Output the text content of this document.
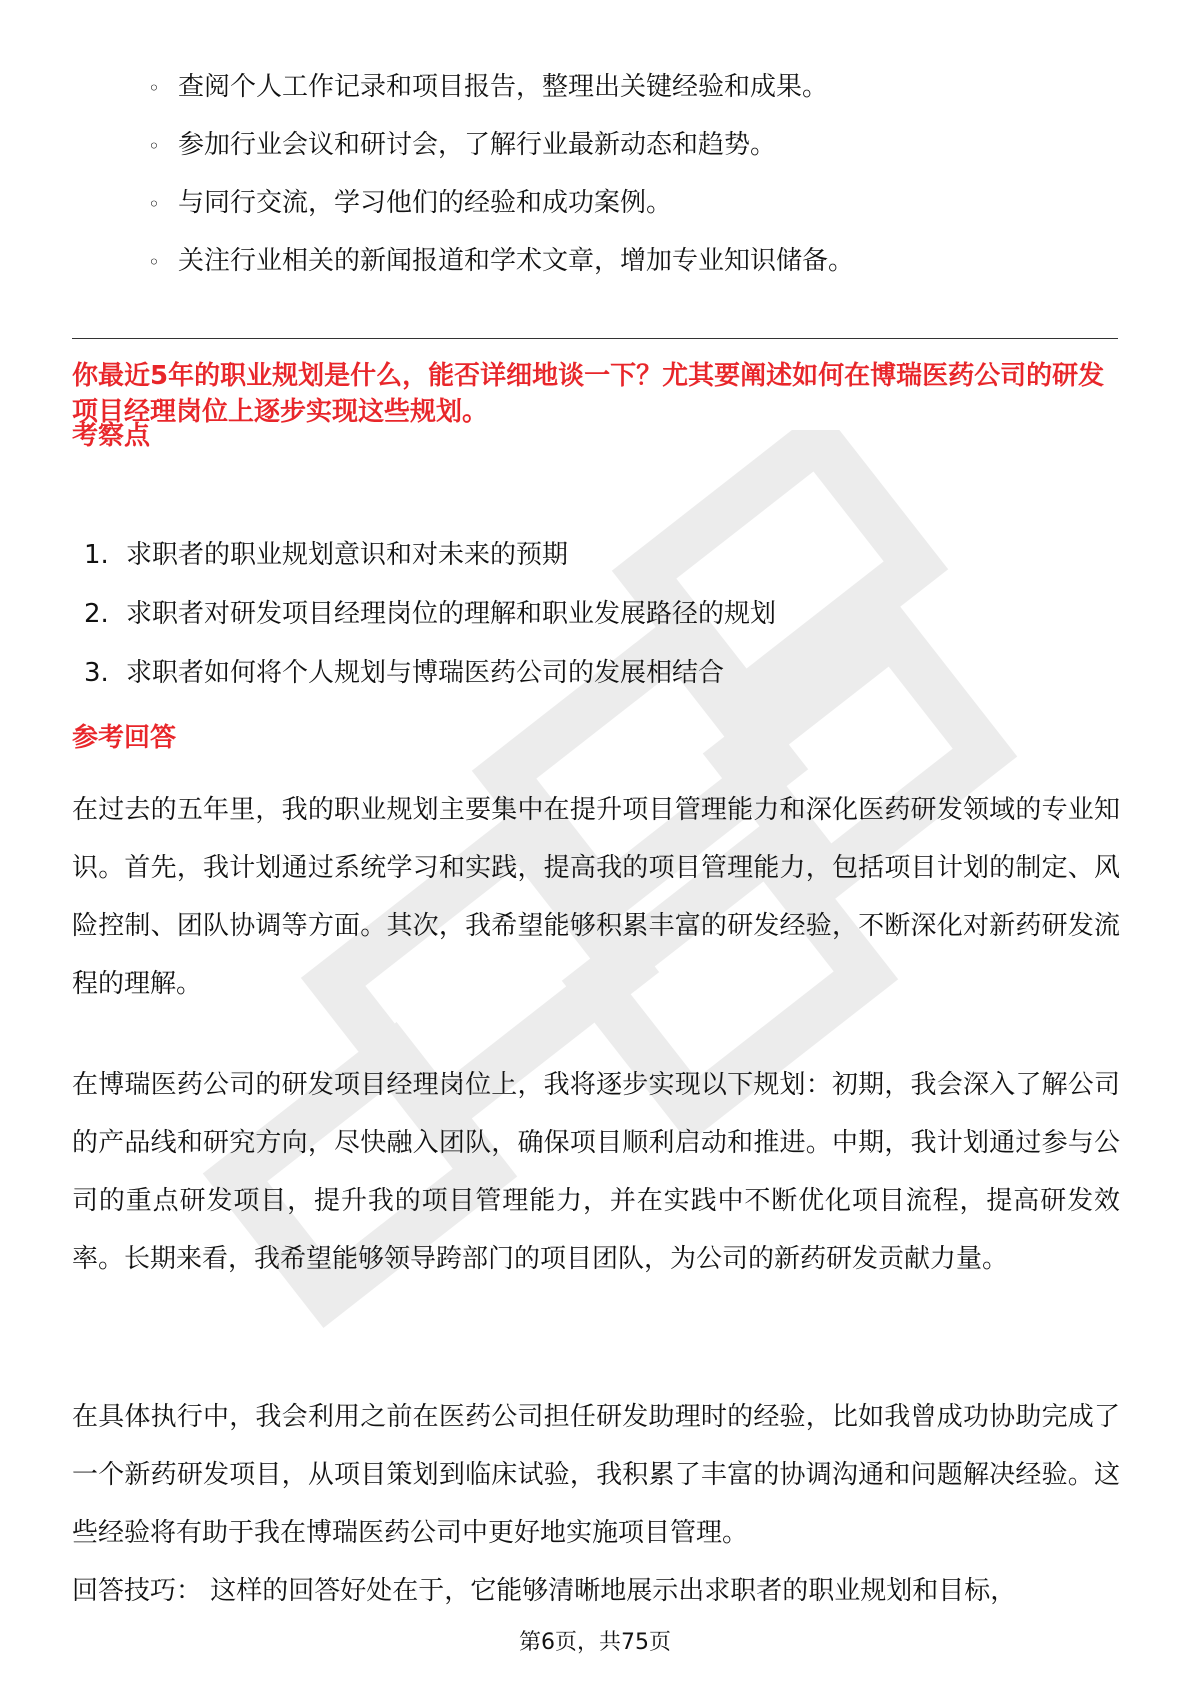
◦ 查阅个人工作记录和项目报告，整理出关键经验和成果。
◦ 参加行业会议和研讨会，了解行业最新动态和趋势。
◦ 与同行交流，学习他们的经验和成功案例。
◦ 关注行业相关的新闻报道和学术文章，增加专业知识储备。
你最近5年的职业规划是什么，能否详细地谈一下？尤其要阐述如何在博瑞医药公司的研发项目经理岗位上逐步实现这些规划。
考察点
1. 求职者的职业规划意识和对未来的预期
2. 求职者对研发项目经理岗位的理解和职业发展路径的规划
3. 求职者如何将个人规划与博瑞医药公司的发展相结合
参考回答

在过去的五年里，我的职业规划主要集中在提升项目管理能力和深化医药研发领域的专业知识。首先，我计划通过系统学习和实践，提高我的项目管理能力，包括项目计划的制定、风险控制、团队协调等方面。其次，我希望能够积累丰富的研发经验，不断深化对新药研发流程的理解。

在博瑞医药公司的研发项目经理岗位上，我将逐步实现以下规划：初期，我会深入了解公司的产品线和研究方向，尽快融入团队，确保项目顺利启动和推进。中期，我计划通过参与公司的重点研发项目，提升我的项目管理能力，并在实践中不断优化项目流程，提高研发效率。长期来看，我希望能够领导跨部门的项目团队，为公司的新药研发贡献力量。

在具体执行中，我会利用之前在医药公司担任研发助理时的经验，比如我曾成功协助完成了一个新药研发项目，从项目策划到临床试验，我积累了丰富的协调沟通和问题解决经验。这些经验将有助于我在博瑞医药公司中更好地实施项目管理。

回答技巧： 这样的回答好处在于，它能够清晰地展示出求职者的职业规划和目标，

第6页，共75页
